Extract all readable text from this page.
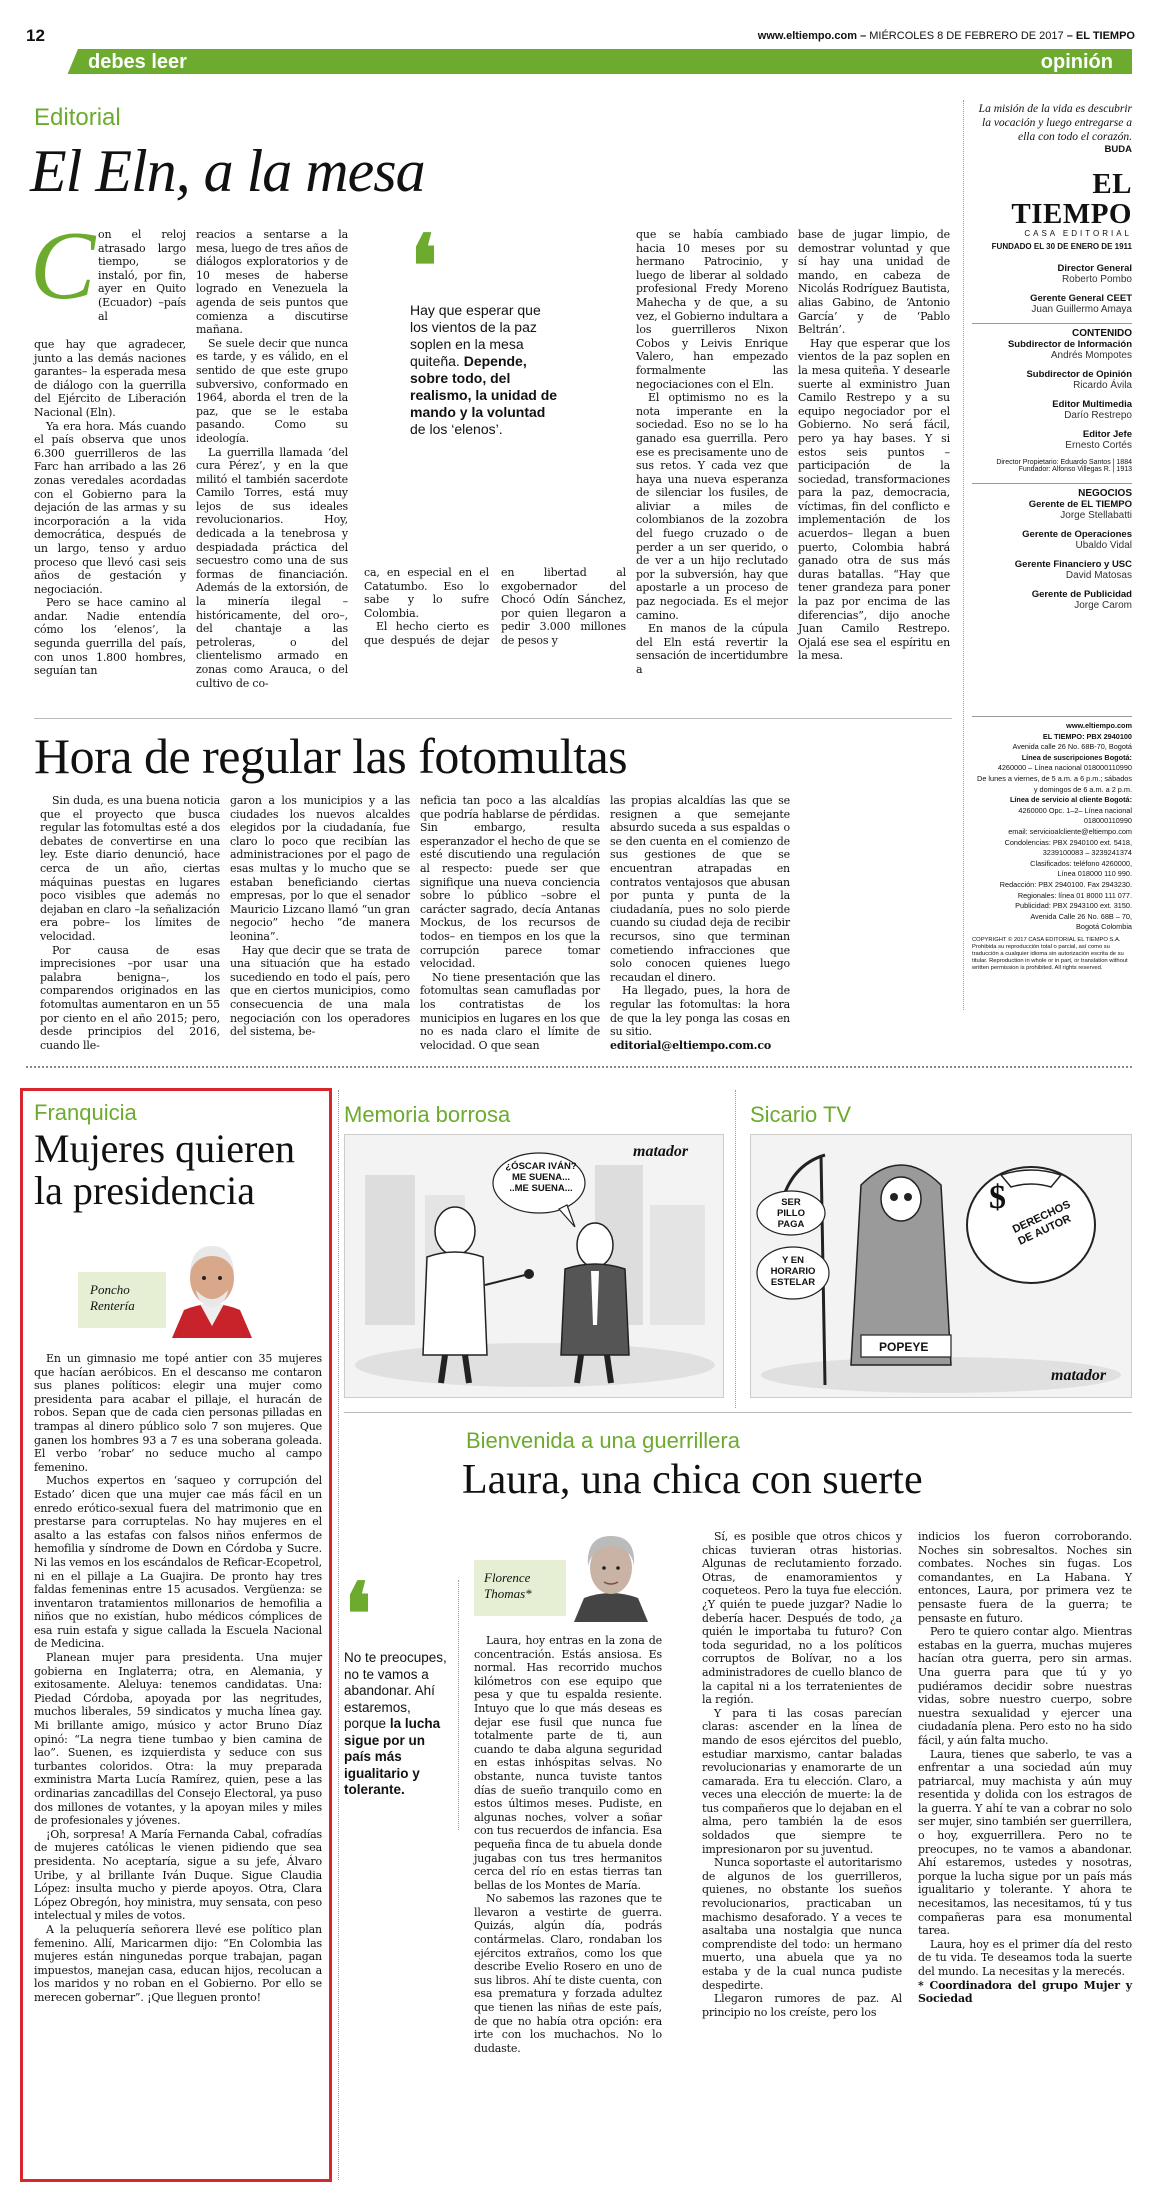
12	www.eltiempo.com – MIÉRCOLES 8 DE FEBRERO DE 2017 – EL TIEMPO
debes leer	opinión
Editorial
El Eln, a la mesa
C on el reloj atrasado largo tiempo, se instaló, por fin, ayer en Quito (Ecuador) –país al

que hay que agradecer, junto a las demás naciones garantes– la esperada mesa de diálogo con la guerrilla del Ejército de Liberación Nacional (Eln).

Ya era hora. Más cuando el país observa que unos 6.300 guerrilleros de las Farc han arribado a las 26 zonas veredales acordadas con el Gobierno para la dejación de las armas y su incorporación a la vida democrática, después de un largo, tenso y arduo proceso que llevó casi seis años de gestación y negociación.

Pero se hace camino al andar. Nadie entendía cómo los ‘elenos’, la segunda guerrilla del país, con unos 1.800 hombres, seguían tan

reacios a sentarse a la mesa, luego de tres años de diálogos exploratorios y de 10 meses de haberse logrado en Venezuela la agenda de seis puntos que comienza a discutirse mañana.

Se suele decir que nunca es tarde, y es válido, en el sentido de que este grupo subversivo, conformado en 1964, aborda el tren de la paz, que se le estaba pasando. Como su ideología.

La guerrilla llamada ‘del cura Pérez’, y en la que militó el también sacerdote Camilo Torres, está muy lejos de sus ideales revolucionarios. Hoy, dedicada a la tenebrosa y despiadada práctica del secuestro como una de sus formas de financiación. Además de la extorsión, de la minería ilegal –históricamente, del oro–, del chantaje a las petroleras, o del clientelismo armado en zonas como Arauca, o del cultivo de co-

❛
Hay que esperar que los vientos de la paz soplen en la mesa quiteña. Depende, sobre todo, del realismo, la unidad de mando y la voluntad de los ‘elenos’.

ca, en especial en el Catatumbo. Eso lo sabe y lo sufre Colombia.

El hecho cierto es que después de dejar en libertad al exgobernador del Chocó Odín Sánchez, por quien llegaron a pedir 3.000 millones de pesos y

que se había cambiado hacia 10 meses por su hermano Patrocinio, y luego de liberar al soldado profesional Fredy Moreno Mahecha y de que, a su vez, el Gobierno indultara a los guerrilleros Nixon Cobos y Leivis Enrique Valero, han empezado formalmente las negociaciones con el Eln.

El optimismo no es la nota imperante en la sociedad. Eso no se lo ha ganado esa guerrilla. Pero ese es precisamente uno de sus retos. Y cada vez que haya una nueva esperanza de silenciar los fusiles, de aliviar a miles de colombianos de la zozobra del fuego cruzado o de perder a un ser querido, o de ver a un hijo reclutado por la subversión, hay que apostarle a un proceso de paz negociada. Es el mejor camino.

En manos de la cúpula del Eln está revertir la sensación de incertidumbre a

base de jugar limpio, de demostrar voluntad y que sí hay una unidad de mando, en cabeza de Nicolás Rodríguez Bautista, alias Gabino, de ‘Antonio García’ y de ‘Pablo Beltrán’.

Hay que esperar que los vientos de la paz soplen en la mesa quiteña. Y desearle suerte al exministro Juan Camilo Restrepo y a su equipo negociador por el Gobierno. No será fácil, pero ya hay bases. Y si estos seis puntos –participación de la sociedad, transformaciones para la paz, democracia, víctimas, fin del conflicto e implementación de los acuerdos– llegan a buen puerto, Colombia habrá ganado otra de sus más duras batallas. “Hay que tener grandeza para poner la paz por encima de las diferencias”, dijo anoche Juan Camilo Restrepo. Ojalá ese sea el espíritu en la mesa.

La misión de la vida es descubrir la vocación y luego entregarse a ella con todo el corazón.
BUDA
EL TIEMPO
CASA EDITORIAL
FUNDADO EL 30 DE ENERO DE 1911
Director General
Roberto Pombo
Gerente General CEET
Juan Guillermo Amaya
CONTENIDO
Subdirector de Información
Andrés Mompotes
Subdirector de Opinión
Ricardo Ávila
Editor Multimedia
Darío Restrepo
Editor Jefe
Ernesto Cortés
Director Propietario: Eduardo Santos | 1884
Fundador: Alfonso Villegas R. | 1913
NEGOCIOS
Gerente de EL TIEMPO
Jorge Stellabatti
Gerente de Operaciones
Ubaldo Vidal
Gerente Financiero y USC
David Matosas
Gerente de Publicidad
Jorge Carom
www.eltiempo.com
EL TIEMPO: PBX 2940100
Avenida calle 26 No. 68B-70, Bogotá
Línea de suscripciones Bogotá:
4260000 – Línea nacional 018000110990
De lunes a viernes, de 5 a.m. a 6 p.m.; sábados
y domingos de 6 a.m. a 2 p.m.
Línea de servicio al cliente Bogotá:
4260000 Opc. 1–2– Línea nacional 018000110990
email: servicioalcliente@eltiempo.com
Condolencias: PBX 2940100 ext. 5418,
3239100083 – 3239241374
Clasificados: teléfono 4260000,
Línea 018000 110 990.
Redacción: PBX 2940100. Fax 2943230.
Regionales: línea 01 8000 111 077.
Publicidad: PBX 2943100 ext. 3150.
Avenida Calle 26 No. 68B – 70,
Bogotá Colombia
COPYRIGHT © 2017 CASA EDITORIAL EL TIEMPO S.A. Prohibida su reproducción total o parcial, así como su traducción a cualquier idioma sin autorización escrita de su titular. Reproduction in whole or in part, or translation without written permission is prohibited. All rights reserved.
Hora de regular las fotomultas

Sin duda, es una buena noticia que el proyecto que busca regular las fotomultas esté a dos debates de convertirse en una ley. Este diario denunció, hace cerca de un año, ciertas máquinas puestas en lugares poco visibles que además no dejaban en claro –la señalización era pobre– los límites de velocidad.

Por causa de esas imprecisiones –por usar una palabra benigna–, los comparendos originados en las fotomultas aumentaron en un 55 por ciento en el año 2015; pero, desde principios del 2016, cuando lle-

garon a los municipios y a las ciudades los nuevos alcaldes elegidos por la ciudadanía, fue claro lo poco que recibían las administraciones por el pago de esas multas y lo mucho que se estaban beneficiando ciertas empresas, por lo que el senador Mauricio Lizcano llamó “un gran negocio” hecho “de manera leonina”.

Hay que decir que se trata de una situación que ha estado sucediendo en todo el país, pero que en ciertos municipios, como consecuencia de una mala negociación con los operadores del sistema, be-

neficia tan poco a las alcaldías que podría hablarse de pérdidas. Sin embargo, resulta esperanzador el hecho de que se esté discutiendo una regulación al respecto: puede ser que signifique una nueva conciencia sobre lo público –sobre el carácter sagrado, decía Antanas Mockus, de los recursos de todos– en tiempos en los que la corrupción parece tomar velocidad.

No tiene presentación que las fotomultas sean camufladas por los contratistas de los municipios en lugares en los que no es nada claro el límite de velocidad. O que sean

las propias alcaldías las que se resignen a que semejante absurdo suceda a sus espaldas o se den cuenta en el comienzo de sus gestiones de que se encuentran atrapadas en contratos ventajosos que abusan por punta y punta de la ciudadanía, pues no solo pierde cuando su ciudad deja de recibir recursos, sino que terminan cometiendo infracciones que solo conocen quienes luego recaudan el dinero.

Ha llegado, pues, la hora de regular las fotomultas: la hora de que la ley ponga las cosas en su sitio.

editorial@eltiempo.com.co

Franquicia
Mujeres quieren la presidencia
Poncho Rentería

En un gimnasio me topé antier con 35 mujeres que hacían aeróbicos. En el descanso me contaron sus planes políticos: elegir una mujer como presidenta para acabar el pillaje, el huracán de robos. Sepan que de cada cien personas pilladas en trampas al dinero público solo 7 son mujeres. Que ganen los hombres 93 a 7 es una soberana goleada. El verbo ‘robar’ no seduce mucho al campo femenino.

Muchos expertos en ‘saqueo y corrupción del Estado’ dicen que una mujer cae más fácil en un enredo erótico-sexual fuera del matrimonio que en prestarse para corruptelas. No hay mujeres en el asalto a las estafas con falsos niños enfermos de hemofilia y síndrome de Down en Córdoba y Sucre. Ni las vemos en los escándalos de Reficar-Ecopetrol, ni en el pillaje a La Guajira. De pronto hay tres faldas femeninas entre 15 acusados. Vergüenza: se inventaron tratamientos millonarios de hemofilia a niños que no existían, hubo médicos cómplices de esa ruin estafa y sigue callada la Escuela Nacional de Medicina.

Planean mujer para presidenta. Una mujer gobierna en Inglaterra; otra, en Alemania, y exitosamente. Aleluya: tenemos candidatas. Una: Piedad Córdoba, apoyada por las negritudes, muchos liberales, 59 sindicatos y mucha línea gay. Mi brillante amigo, músico y actor Bruno Díaz opinó: “La negra tiene tumbao y bien camina de lao”. Suenen, es izquierdista y seduce con sus turbantes coloridos. Otra: la muy preparada exministra Marta Lucía Ramírez, quien, pese a las ordinarias zancadillas del Consejo Electoral, ya puso dos millones de votantes, y la apoyan miles y miles de profesionales y jóvenes.

¡Oh, sorpresa! A María Fernanda Cabal, cofradías de mujeres católicas le vienen pidiendo que sea presidenta. No aceptaría, sigue a su jefe, Álvaro Uribe, y al brillante Iván Duque. Sigue Claudia López: insulta mucho y pierde apoyos. Otra, Clara López Obregón, hoy ministra, muy sensata, con peso intelectual y miles de votos.

A la peluquería señorera llevé ese político plan femenino. Allí, Maricarmen dijo: “En Colombia las mujeres están ningunedas porque trabajan, pagan impuestos, manejan casa, educan hijos, recolucan a los maridos y no roban en el Gobierno. Por ello se merecen gobernar”. ¡Que lleguen pronto!

Memoria borrosa
¿ÓSCAR IVÁN? ME SUENA... ..ME SUENA...
matador
Sicario TV
SER PILLO PAGA
Y EN HORARIO ESTELAR
$
DERECHOS DE AUTOR
POPEYE
matador
Bienvenida a una guerrillera
Laura, una chica con suerte
❛
No te preocupes, no te vamos a abandonar. Ahí estaremos, porque la lucha sigue por un país más igualitario y tolerante.
Florence Thomas*

Laura, hoy entras en la zona de concentración. Estás ansiosa. Es normal. Has recorrido muchos kilómetros con ese equipo que pesa y que tu espalda resiente. Intuyo que lo que más deseas es dejar ese fusil que nunca fue totalmente parte de ti, aun cuando te daba alguna seguridad en estas inhóspitas selvas. No obstante, nunca tuviste tantos días de sueño tranquilo como en estos últimos meses. Pudiste, en algunas noches, volver a soñar con tus recuerdos de infancia. Esa pequeña finca de tu abuela donde jugabas con tus tres hermanitos cerca del río en estas tierras tan bellas de los Montes de María.

No sabemos las razones que te llevaron a vestirte de guerra. Quizás, algún día, podrás contármelas. Claro, rondaban los ejércitos extraños, como los que describe Evelio Rosero en uno de sus libros. Ahí te diste cuenta, con esa prematura y forzada adultez que tienen las niñas de este país, de que no había otra opción: era irte con los muchachos. No lo dudaste.

Sí, es posible que otros chicos y chicas tuvieran otras historias. Algunas de reclutamiento forzado. Otras, de enamoramientos y coqueteos. Pero la tuya fue elección. ¿Y quién te puede juzgar? Nadie lo debería hacer. Después de todo, ¿a quién le importaba tu futuro? Con toda seguridad, no a los políticos corruptos de Bolívar, no a los administradores de cuello blanco de la capital ni a los terratenientes de la región.

Y para ti las cosas parecían claras: ascender en la línea de mando de esos ejércitos del pueblo, estudiar marxismo, cantar baladas revolucionarias y enamorarte de un camarada. Era tu elección. Claro, a veces una elección de muerte: la de tus compañeros que lo dejaban en el alma, pero también la de esos soldados que siempre te impresionaron por su juventud.

Nunca soportaste el autoritarismo de algunos de los guerrilleros, quienes, no obstante los sueños revolucionarios, practicaban un machismo desaforado. Y a veces te asaltaba una nostalgia que nunca comprendiste del todo: un hermano muerto, una abuela que ya no estaba y de la cual nunca pudiste despedirte.

Llegaron rumores de paz. Al principio no los creíste, pero los

indicios los fueron corroborando. Noches sin sobresaltos. Noches sin combates. Noches sin fugas. Los comandantes, en La Habana. Y entonces, Laura, por primera vez te pensaste fuera de la guerra; te pensaste en futuro.

Pero te quiero contar algo. Mientras estabas en la guerra, muchas mujeres hacían otra guerra, pero sin armas. Una guerra para que tú y yo pudiéramos decidir sobre nuestras vidas, sobre nuestro cuerpo, sobre nuestra sexualidad y ejercer una ciudadanía plena. Pero esto no ha sido fácil, y aún falta mucho.

Laura, tienes que saberlo, te vas a enfrentar a una sociedad aún muy patriarcal, muy machista y aún muy resentida y dolida con los estragos de la guerra. Y ahí te van a cobrar no solo ser mujer, sino también ser guerrillera, o hoy, exguerrillera. Pero no te preocupes, no te vamos a abandonar. Ahí estaremos, ustedes y nosotras, porque la lucha sigue por un país más igualitario y tolerante. Y ahora te necesitamos, las necesitamos, tú y tus compañeras para esa monumental tarea.

Laura, hoy es el primer día del resto de tu vida. Te deseamos toda la suerte del mundo. La necesitas y la merecés.

* Coordinadora del grupo Mujer y Sociedad
